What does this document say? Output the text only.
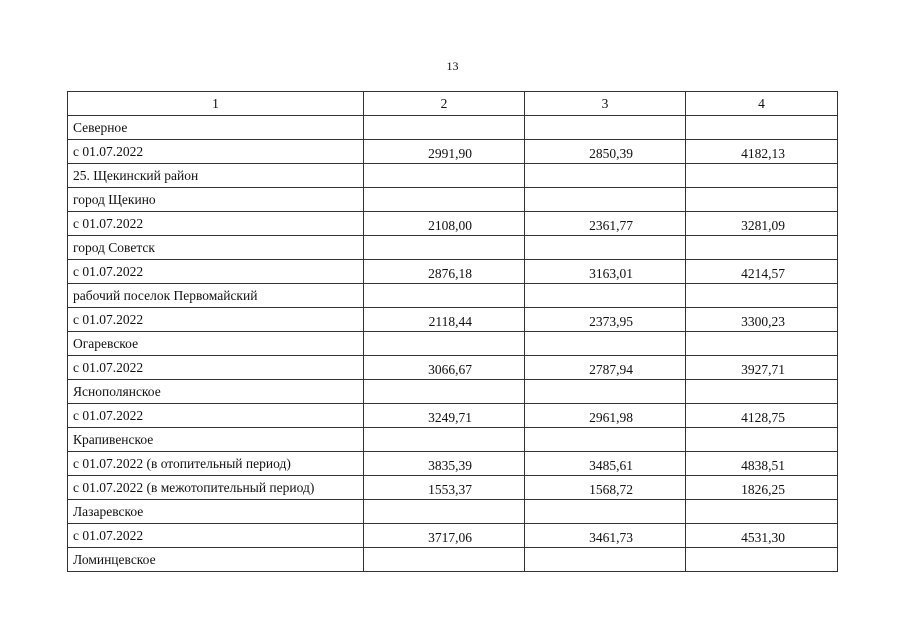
13
1	2	3	4
Северное			
с 01.07.2022	2991,90	2850,39	4182,13
25. Щекинский район			
город Щекино			
с 01.07.2022	2108,00	2361,77	3281,09
город Советск			
с 01.07.2022	2876,18	3163,01	4214,57
рабочий поселок Первомайский			
с 01.07.2022	2118,44	2373,95	3300,23
Огаревское			
с 01.07.2022	3066,67	2787,94	3927,71
Яснополянское			
с 01.07.2022	3249,71	2961,98	4128,75
Крапивенское			
с 01.07.2022 (в отопительный период)	3835,39	3485,61	4838,51
с 01.07.2022 (в межотопительный период)	1553,37	1568,72	1826,25
Лазаревское			
с 01.07.2022	3717,06	3461,73	4531,30
Ломинцевское			
